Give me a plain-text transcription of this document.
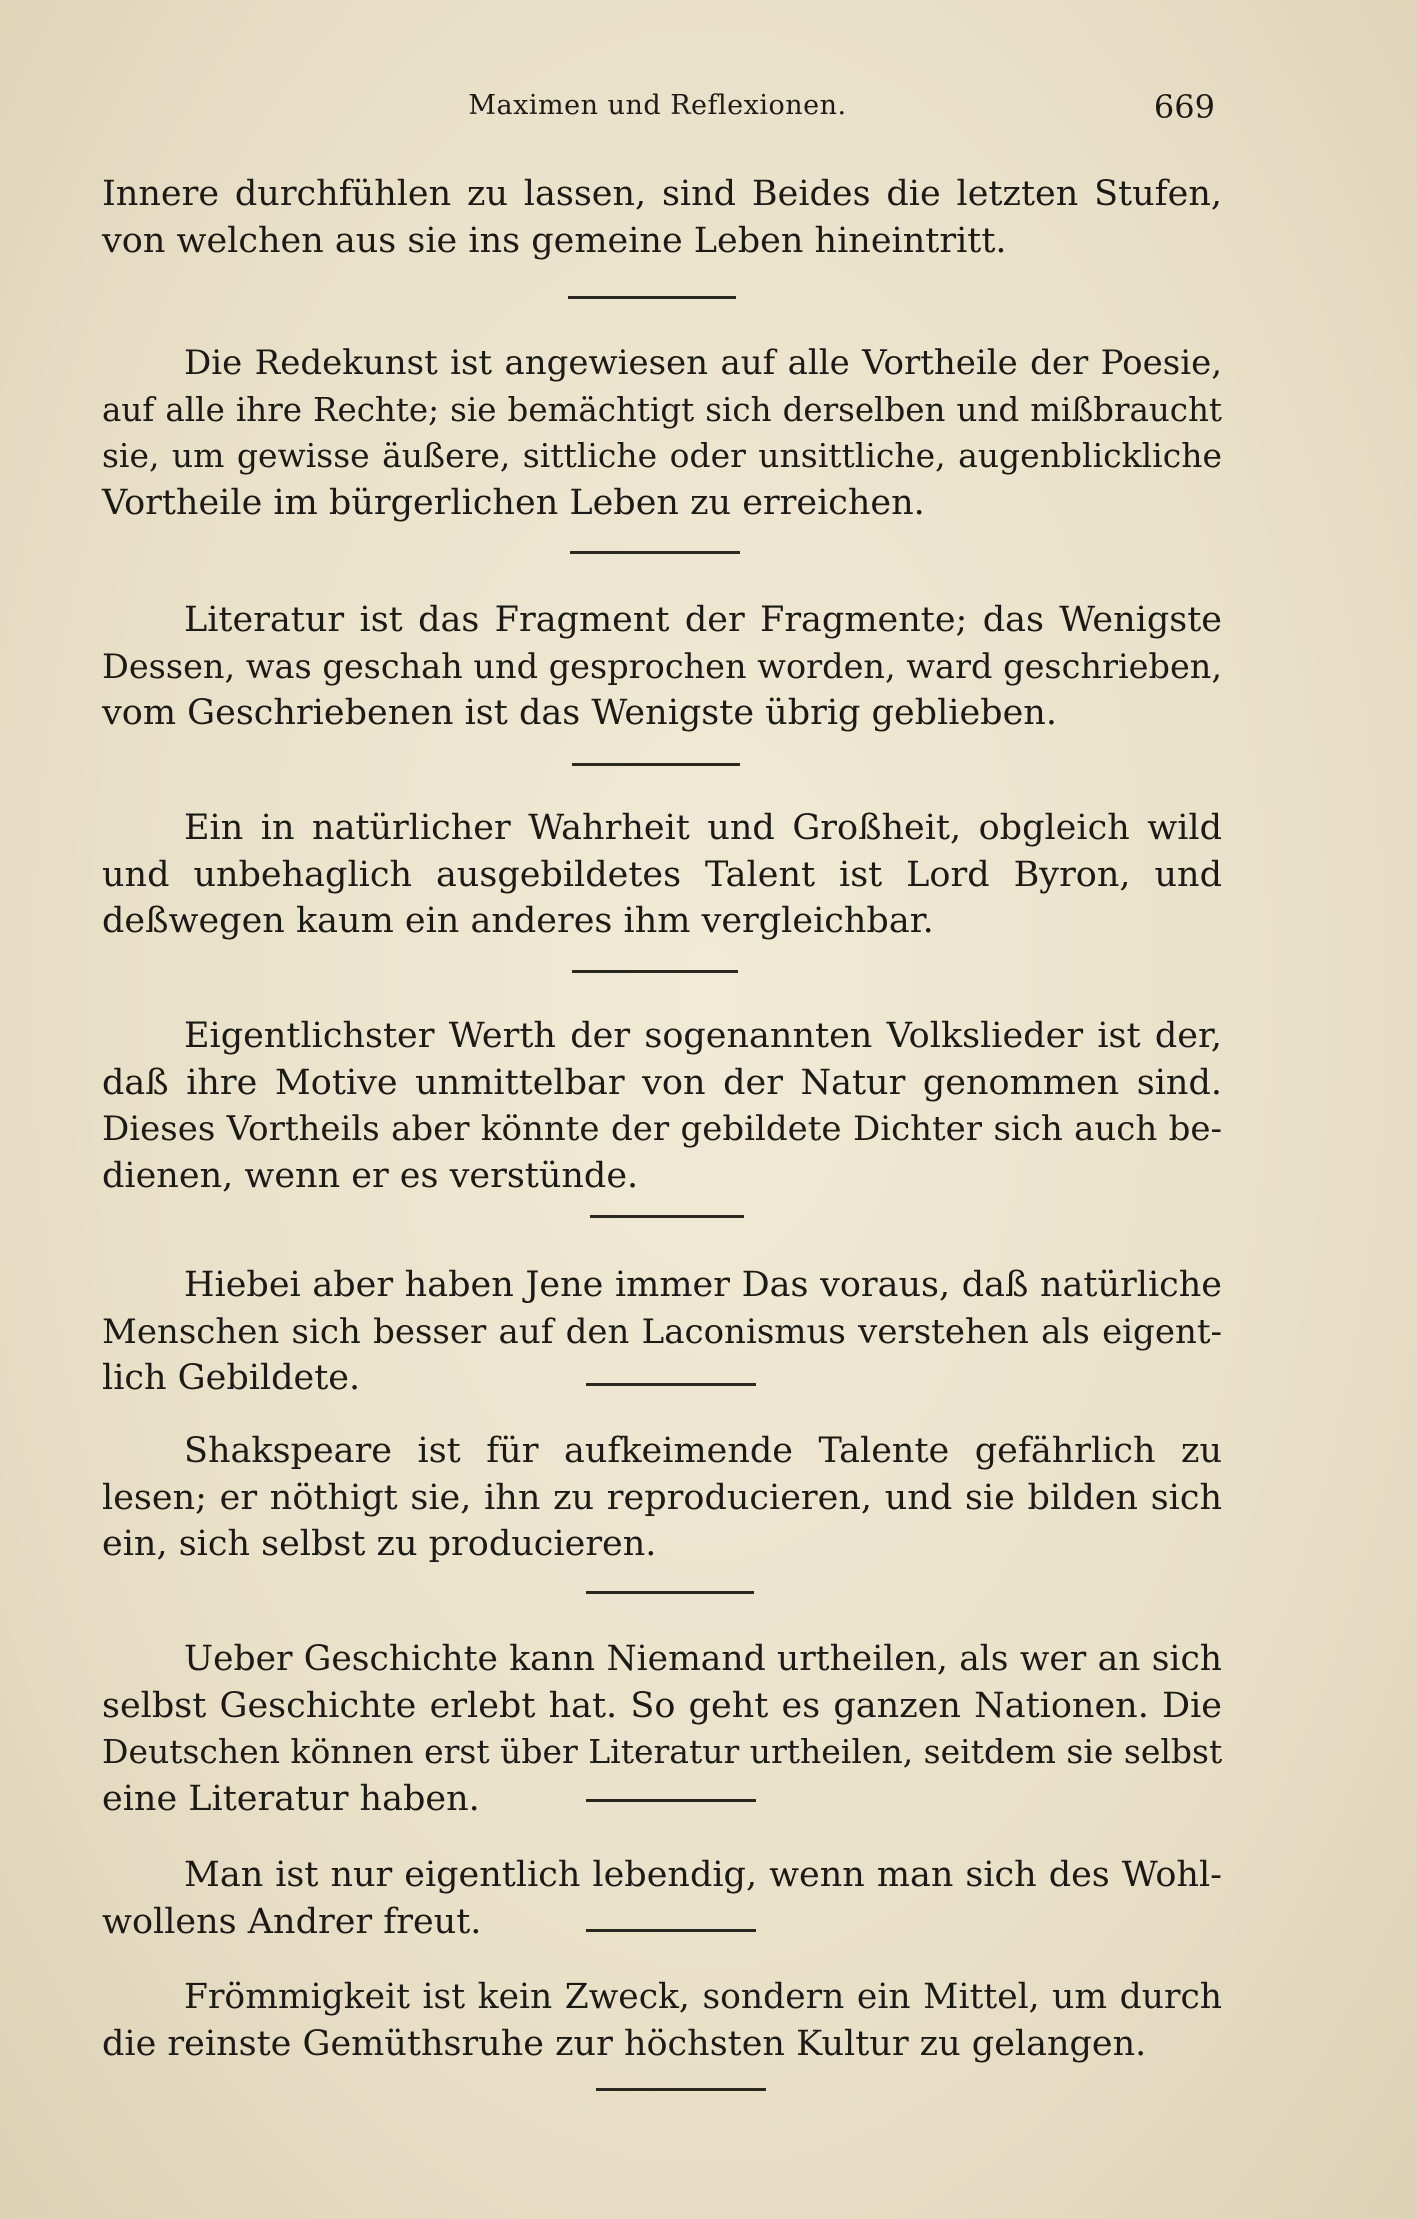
Maximen und Reflexionen.	669
Innere durchfühlen zu lassen, sind Beides die letzten Stufen,
von welchen aus sie ins gemeine Leben hineintritt.
Die Redekunst ist angewiesen auf alle Vortheile der Poesie,
auf alle ihre Rechte; sie bemächtigt sich derselben und mißbraucht
sie, um gewisse äußere, sittliche oder unsittliche, augenblickliche
Vortheile im bürgerlichen Leben zu erreichen.
Literatur ist das Fragment der Fragmente; das Wenigste
Dessen, was geschah und gesprochen worden, ward geschrieben,
vom Geschriebenen ist das Wenigste übrig geblieben.
Ein in natürlicher Wahrheit und Großheit, obgleich wild
und unbehaglich ausgebildetes Talent ist Lord Byron, und
deßwegen kaum ein anderes ihm vergleichbar.
Eigentlichster Werth der sogenannten Volkslieder ist der,
daß ihre Motive unmittelbar von der Natur genommen sind.
Dieses Vortheils aber könnte der gebildete Dichter sich auch be-
dienen, wenn er es verstünde.
Hiebei aber haben Jene immer Das voraus, daß natürliche
Menschen sich besser auf den Laconismus verstehen als eigent-
lich Gebildete.
Shakspeare ist für aufkeimende Talente gefährlich zu
lesen; er nöthigt sie, ihn zu reproducieren, und sie bilden sich
ein, sich selbst zu producieren.
Ueber Geschichte kann Niemand urtheilen, als wer an sich
selbst Geschichte erlebt hat. So geht es ganzen Nationen. Die
Deutschen können erst über Literatur urtheilen, seitdem sie selbst
eine Literatur haben.
Man ist nur eigentlich lebendig, wenn man sich des Wohl-
wollens Andrer freut.
Frömmigkeit ist kein Zweck, sondern ein Mittel, um durch
die reinste Gemüthsruhe zur höchsten Kultur zu gelangen.
